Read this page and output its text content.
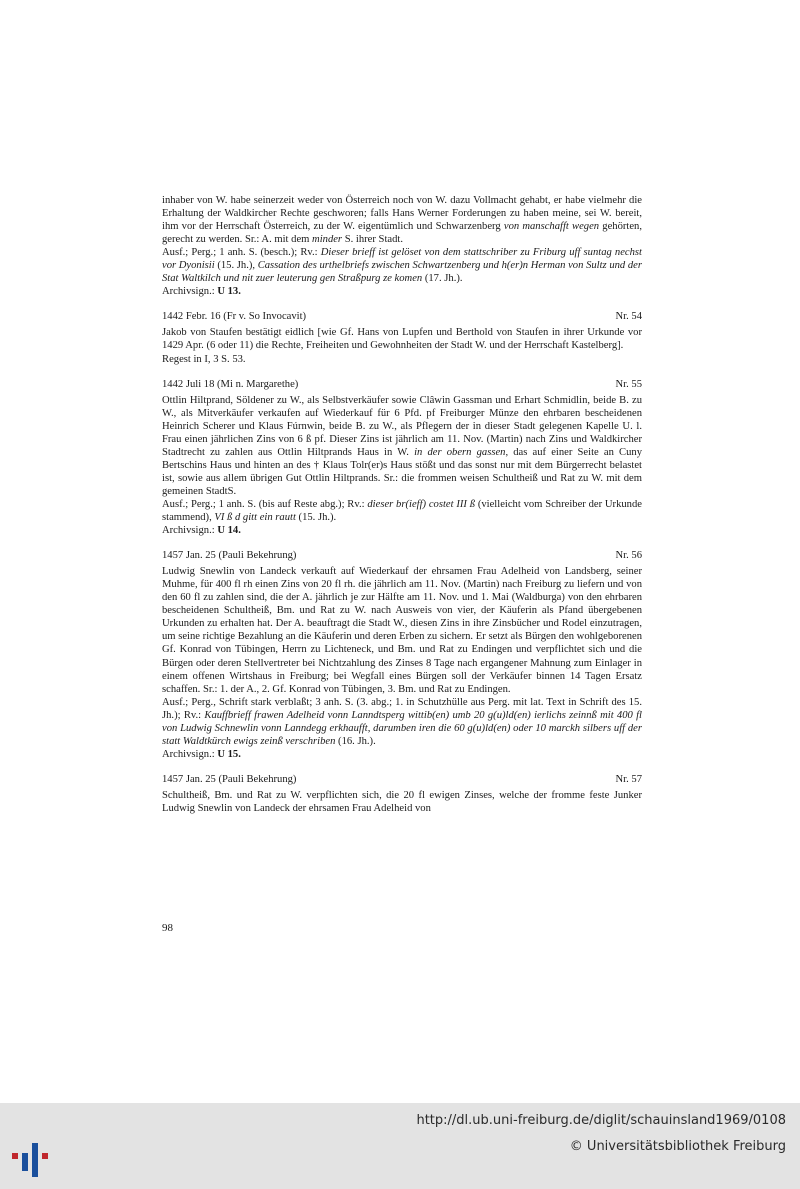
inhaber von W. habe seinerzeit weder von Österreich noch von W. dazu Vollmacht gehabt, er habe vielmehr die Erhaltung der Waldkircher Rechte geschworen; falls Hans Werner Forderungen zu haben meine, sei W. bereit, ihm vor der Herrschaft Österreich, zu der W. eigentümlich und Schwarzenberg von manschafft wegen gehörten, gerecht zu werden. Sr.: A. mit dem minder S. ihrer Stadt.

Ausf.; Perg.; 1 anh. S. (besch.); Rv.: Dieser brieff ist gelöset von dem stattschriber zu Friburg uff suntag nechst vor Dyonisii (15. Jh.), Cassation des urthelbriefs zwischen Schwartzenberg und h(er)n Herman von Sultz und der Stat Waltkilch und nit zuer leuterung gen Straßpurg ze komen (17. Jh.).

Archivsign.: U 13.

1442 Febr. 16 (Fr v. So Invocavit)	Nr. 54

Jakob von Staufen bestätigt eidlich [wie Gf. Hans von Lupfen und Berthold von Staufen in ihrer Urkunde vor 1429 Apr. (6 oder 11) die Rechte, Freiheiten und Gewohnheiten der Stadt W. und der Herrschaft Kastelberg].

Regest in I, 3 S. 53.

1442 Juli 18 (Mi n. Margarethe)	Nr. 55

Ottlin Hiltprand, Söldener zu W., als Selbstverkäufer sowie Clâwin Gassman und Erhart Schmidlin, beide B. zu W., als Mitverkäufer verkaufen auf Wiederkauf für 6 Pfd. pf Freiburger Münze den ehrbaren bescheidenen Heinrich Scherer und Klaus Fúrnwin, beide B. zu W., als Pflegern der in dieser Stadt gelegenen Kapelle U. l. Frau einen jährlichen Zins von 6 ß pf. Dieser Zins ist jährlich am 11. Nov. (Martin) nach Zins und Waldkircher Stadtrecht zu zahlen aus Ottlin Hiltprands Haus in W. in der obern gassen, das auf einer Seite an Cuny Bertschins Haus und hinten an des † Klaus Tolr(er)s Haus stößt und das sonst nur mit dem Bürgerrecht belastet ist, sowie aus allem übrigen Gut Ottlin Hiltprands. Sr.: die frommen weisen Schultheiß und Rat zu W. mit dem gemeinen StadtS.

Ausf.; Perg.; 1 anh. S. (bis auf Reste abg.); Rv.: dieser br(ieff) costet III ß (vielleicht vom Schreiber der Urkunde stammend), VI ß d gitt ein rautt (15. Jh.).

Archivsign.: U 14.

1457 Jan. 25 (Pauli Bekehrung)	Nr. 56

Ludwig Snewlin von Landeck verkauft auf Wiederkauf der ehrsamen Frau Adelheid von Landsberg, seiner Muhme, für 400 fl rh einen Zins von 20 fl rh. die jährlich am 11. Nov. (Martin) nach Freiburg zu liefern und von den 60 fl zu zahlen sind, die der A. jährlich je zur Hälfte am 11. Nov. und 1. Mai (Waldburga) von den ehrbaren bescheidenen Schultheiß, Bm. und Rat zu W. nach Ausweis von vier, der Käuferin als Pfand übergebenen Urkunden zu erhalten hat. Der A. beauftragt die Stadt W., diesen Zins in ihre Zinsbücher und Rodel einzutragen, um seine richtige Bezahlung an die Käuferin und deren Erben zu sichern. Er setzt als Bürgen den wohlgeborenen Gf. Konrad von Tübingen, Herrn zu Lichteneck, und Bm. und Rat zu Endingen und verpflichtet sich und die Bürgen oder deren Stellvertreter bei Nichtzahlung des Zinses 8 Tage nach ergangener Mahnung zum Einlager in einem offenen Wirtshaus in Freiburg; bei Wegfall eines Bürgen soll der Verkäufer binnen 14 Tagen Ersatz schaffen. Sr.: 1. der A., 2. Gf. Konrad von Tübingen, 3. Bm. und Rat zu Endingen.

Ausf.; Perg., Schrift stark verblaßt; 3 anh. S. (3. abg.; 1. in Schutzhülle aus Perg. mit lat. Text in Schrift des 15. Jh.); Rv.: Kauffbrieff frawen Adelheid vonn Lanndtsperg wittib(en) umb 20 g(u)ld(en) ierlichs zeinnß mit 400 fl von Ludwig Schnewlin vonn Lanndegg erkhaufft, darumben iren die 60 g(u)ld(en) oder 10 marckh silbers uff der statt Waldtkürch ewigs zeinß verschriben (16. Jh.).

Archivsign.: U 15.

1457 Jan. 25 (Pauli Bekehrung)	Nr. 57

Schultheiß, Bm. und Rat zu W. verpflichten sich, die 20 fl ewigen Zinses, welche der fromme feste Junker Ludwig Snewlin von Landeck der ehrsamen Frau Adelheid von

98
http://dl.ub.uni-freiburg.de/diglit/schauinsland1969/0108
© Universitätsbibliothek Freiburg
